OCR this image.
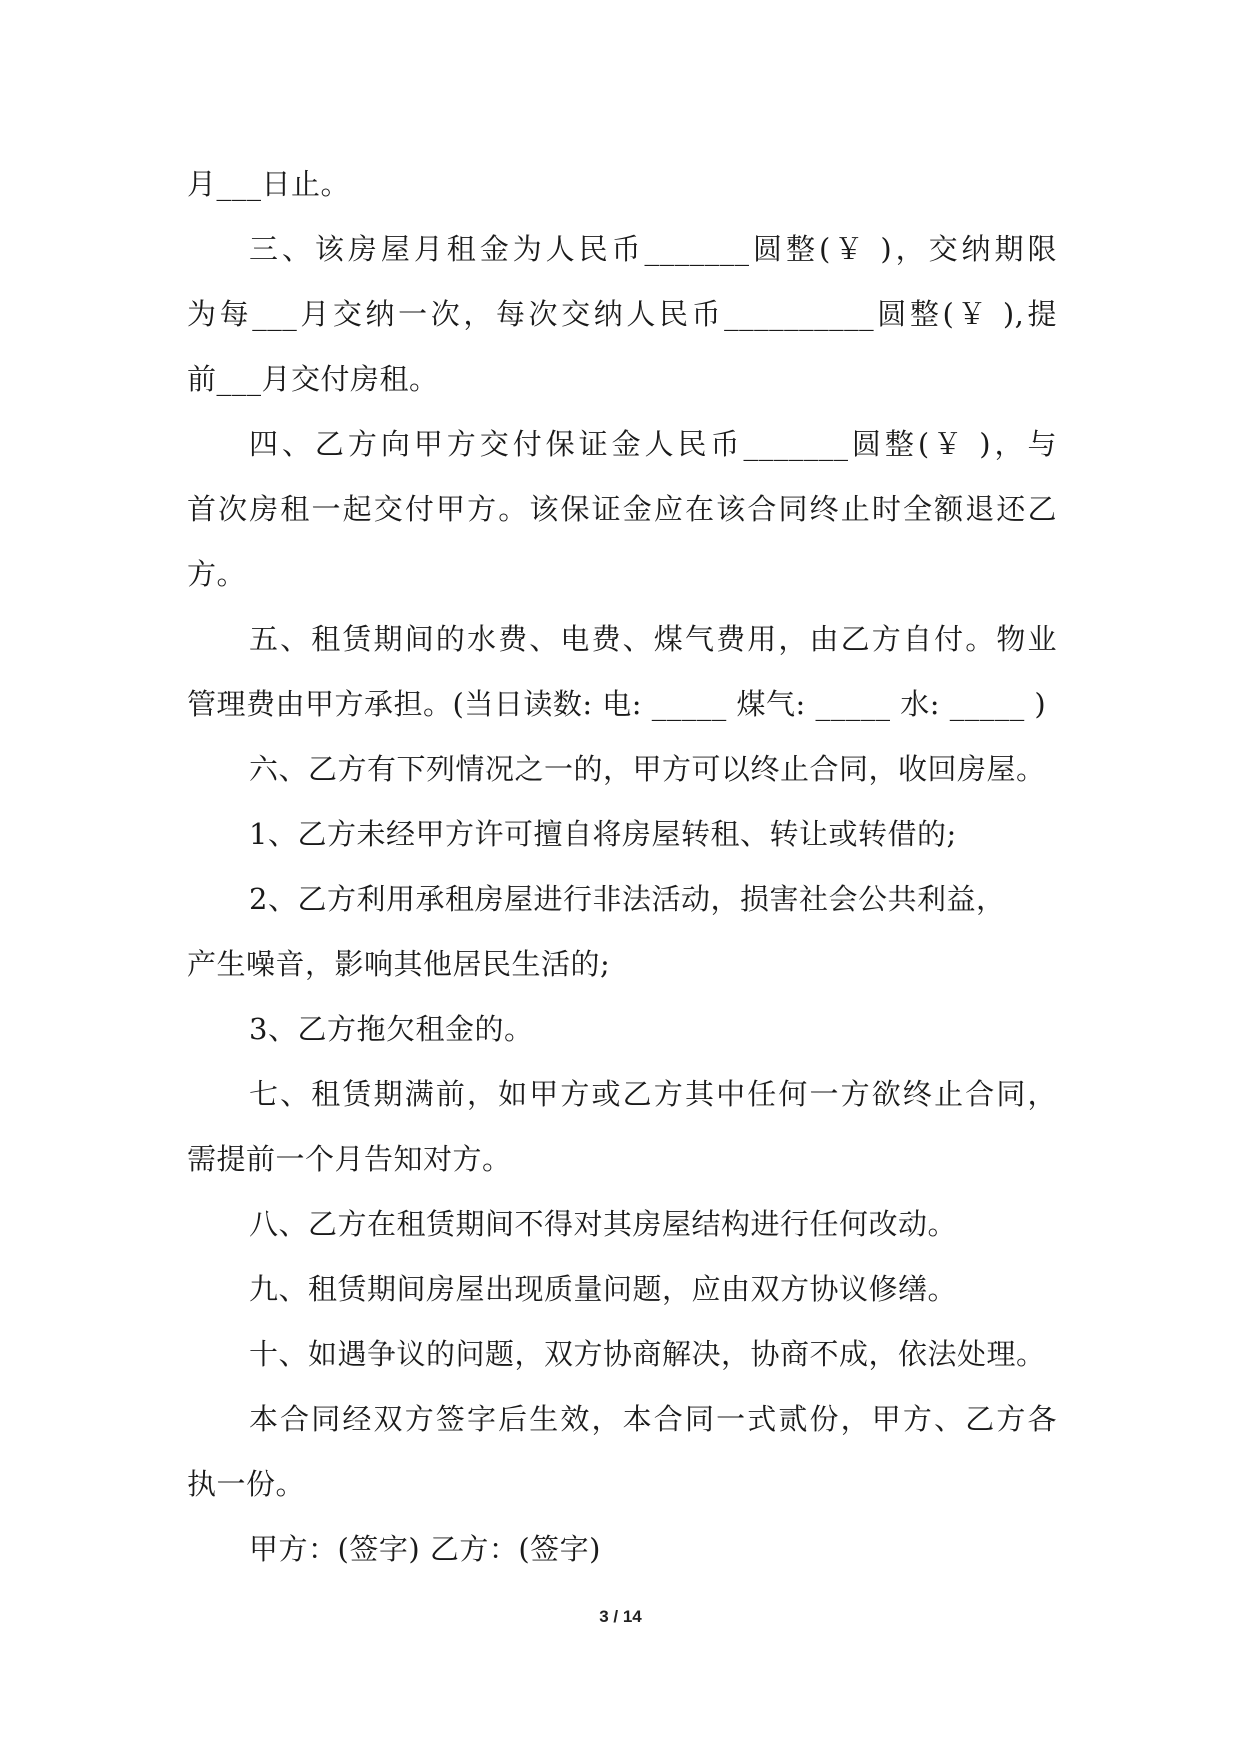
月___日止。
三、该房屋月租金为人民币_______圆整(￥ )，交纳期限
为每___月交纳一次，每次交纳人民币__________圆整(￥ ),提
前___月交付房租。
四、乙方向甲方交付保证金人民币_______圆整(￥ )，与
首次房租一起交付甲方。该保证金应在该合同终止时全额退还乙
方。
五、租赁期间的水费、电费、煤气费用，由乙方自付。物业
管理费由甲方承担。(当日读数: 电: _____ 煤气: _____ 水: _____ )
六、乙方有下列情况之一的，甲方可以终止合同，收回房屋。
1、乙方未经甲方许可擅自将房屋转租、转让或转借的;
2、乙方利用承租房屋进行非法活动，损害社会公共利益，
产生噪音，影响其他居民生活的;
3、乙方拖欠租金的。
七、租赁期满前，如甲方或乙方其中任何一方欲终止合同，
需提前一个月告知对方。
八、乙方在租赁期间不得对其房屋结构进行任何改动。
九、租赁期间房屋出现质量问题，应由双方协议修缮。
十、如遇争议的问题，双方协商解决，协商不成，依法处理。
本合同经双方签字后生效，本合同一式贰份，甲方、乙方各
执一份。
甲方：(签字) 乙方：(签字)
3 / 14
